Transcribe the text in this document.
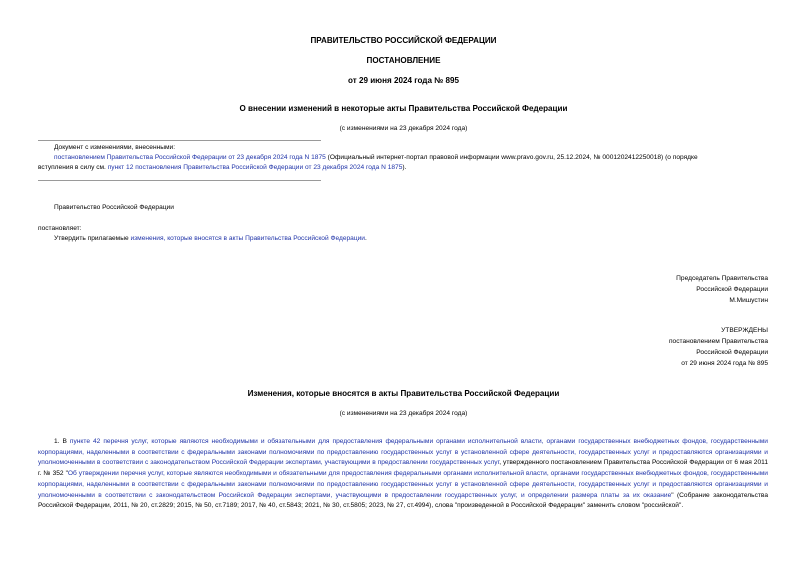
ПРАВИТЕЛЬСТВО РОССИЙСКОЙ ФЕДЕРАЦИИ
ПОСТАНОВЛЕНИЕ
от 29 июня 2024 года № 895
О внесении изменений в некоторые акты Правительства Российской Федерации
(с изменениями на 23 декабря 2024 года)
Документ с изменениями, внесенными:
постановлением Правительства Российской Федерации от 23 декабря 2024 года N 1875 (Официальный интернет-портал правовой информации www.pravo.gov.ru, 25.12.2024, № 0001202412250018) (о порядке
вступления в силу см. пункт 12 постановления Правительства Российской Федерации от 23 декабря 2024 года N 1875).
Правительство Российской Федерации
постановляет:
Утвердить прилагаемые изменения, которые вносятся в акты Правительства Российской Федерации.
Председатель Правительства
Российской Федерации
М.Мишустин
УТВЕРЖДЕНЫ
постановлением Правительства
Российской Федерации
от 29 июня 2024 года № 895
Изменения, которые вносятся в акты Правительства Российской Федерации
(с изменениями на 23 декабря 2024 года)
1. В пункте 42 перечня услуг, которые являются необходимыми и обязательными для предоставления федеральными органами исполнительной власти, органами государственных внебюджетных фондов, государственными корпорациями, наделенными в соответствии с федеральными законами полномочиями по предоставлению государственных услуг в установленной сфере деятельности, государственных услуг и предоставляются организациями и уполномоченными в соответствии с законодательством Российской Федерации экспертами, участвующими в предоставлении государственных услуг, утвержденного постановлением Правительства Российской Федерации от 6 мая 2011 г. № 352 "Об утверждении перечня услуг, которые являются необходимыми и обязательными для предоставления федеральными органами исполнительной власти, органами государственных внебюджетных фондов, государственными корпорациями, наделенными в соответствии с федеральными законами полномочиями по предоставлению государственных услуг в установленной сфере деятельности, государственных услуг и предоставляются организациями и уполномоченными в соответствии с законодательством Российской Федерации экспертами, участвующими в предоставлении государственных услуг, и определении размера платы за их оказание" (Собрание законодательства Российской Федерации, 2011, № 20, ст.2829; 2015, № 50, ст.7189; 2017, № 40, ст.5843; 2021, № 30, ст.5805; 2023, № 27, ст.4994), слова "произведенной в Российской Федерации" заменить словом "российской".
